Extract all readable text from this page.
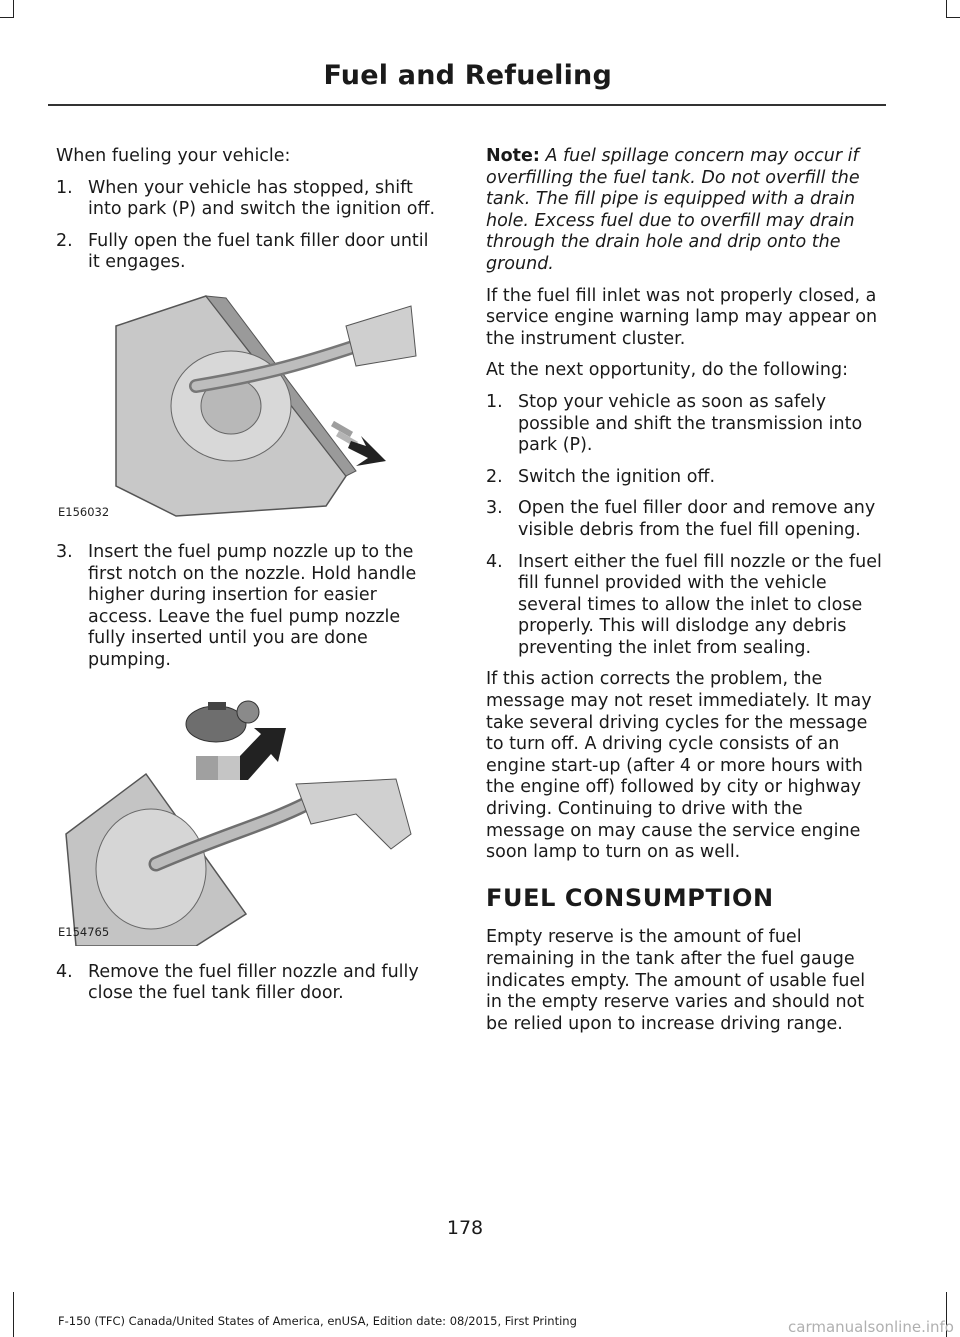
Fuel and Refueling

When fueling your vehicle:

1. When your vehicle has stopped, shift into park (P) and switch the ignition off.
2. Fully open the fuel tank filler door until it engages.
E156032
3. Insert the fuel pump nozzle up to the first notch on the nozzle. Hold handle higher during insertion for easier access. Leave the fuel pump nozzle fully inserted until you are done pumping.
E154765
4. Remove the fuel filler nozzle and fully close the fuel tank filler door.

Note: A fuel spillage concern may occur if overfilling the fuel tank. Do not overfill the tank. The fill pipe is equipped with a drain hole. Excess fuel due to overfill may drain through the drain hole and drip onto the ground.

If the fuel fill inlet was not properly closed, a service engine warning lamp may appear on the instrument cluster.

At the next opportunity, do the following:

1. Stop your vehicle as soon as safely possible and shift the transmission into park (P).
2. Switch the ignition off.
3. Open the fuel filler door and remove any visible debris from the fuel fill opening.
4. Insert either the fuel fill nozzle or the fuel fill funnel provided with the vehicle several times to allow the inlet to close properly. This will dislodge any debris preventing the inlet from sealing.

If this action corrects the problem, the message may not reset immediately. It may take several driving cycles for the message to turn off. A driving cycle consists of an engine start-up (after 4 or more hours with the engine off) followed by city or highway driving. Continuing to drive with the message on may cause the service engine soon lamp to turn on as well.

FUEL CONSUMPTION

Empty reserve is the amount of fuel remaining in the tank after the fuel gauge indicates empty. The amount of usable fuel in the empty reserve varies and should not be relied upon to increase driving range.

178
F-150 (TFC) Canada/United States of America, enUSA, Edition date: 08/2015, First Printing	carmanualsonline.info
